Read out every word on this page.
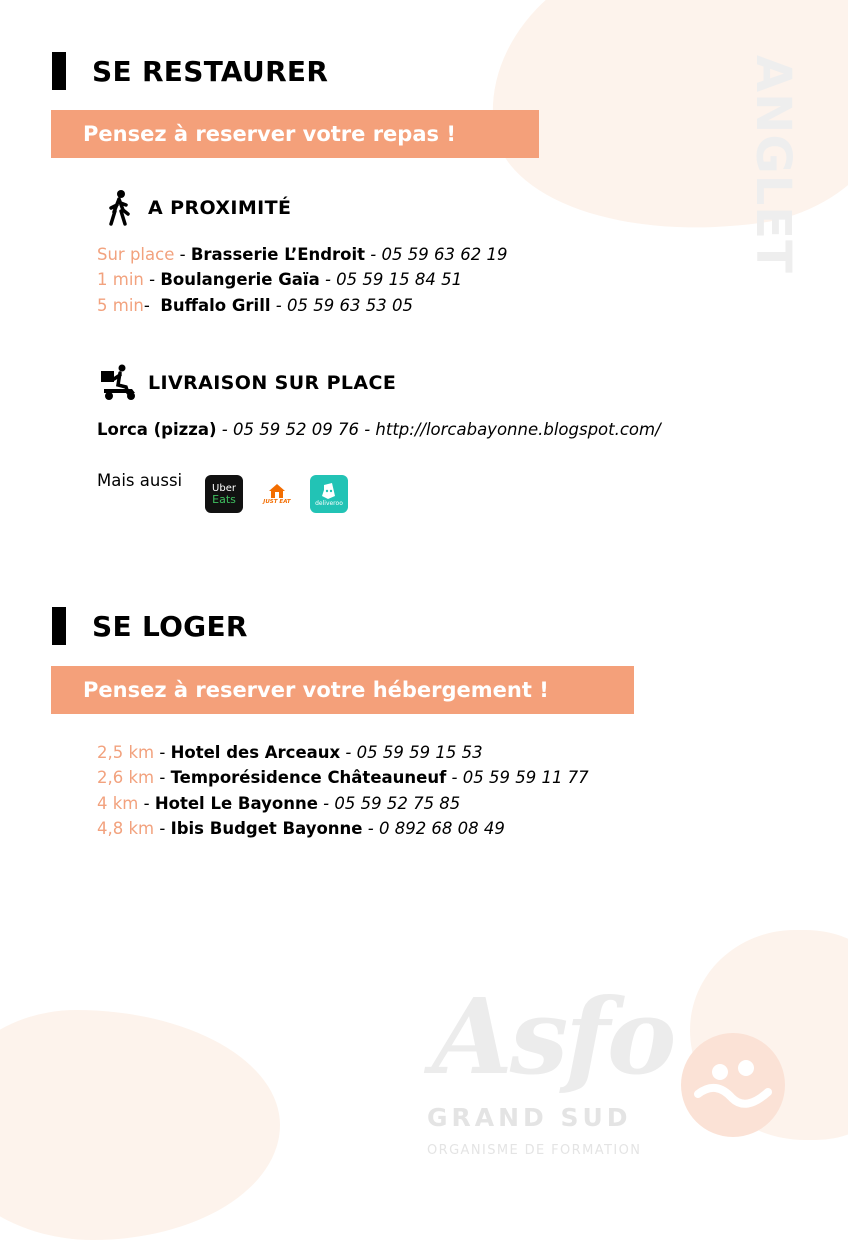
ANGLET
SE RESTAURER
Pensez à reserver votre repas !
A PROXIMITÉ
Sur place - Brasserie L’Endroit - 05 59 63 62 19
1 min - Boulangerie Gaïa - 05 59 15 84 51
5 min-  Buffalo Grill - 05 59 63 53 05
LIVRAISON SUR PLACE
Lorca (pizza) - 05 59 52 09 76 - http://lorcabayonne.blogspot.com/
Mais aussi	Uber
Eats	JUST EAT	deliveroo
SE LOGER
Pensez à reserver votre hébergement !
2,5 km - Hotel des Arceaux - 05 59 59 15 53
2,6 km - Temporésidence Châteauneuf - 05 59 59 11 77
4 km - Hotel Le Bayonne - 05 59 52 75 85
4,8 km - Ibis Budget Bayonne - 0 892 68 08 49
Asfo
GRAND SUD
ORGANISME DE FORMATION
